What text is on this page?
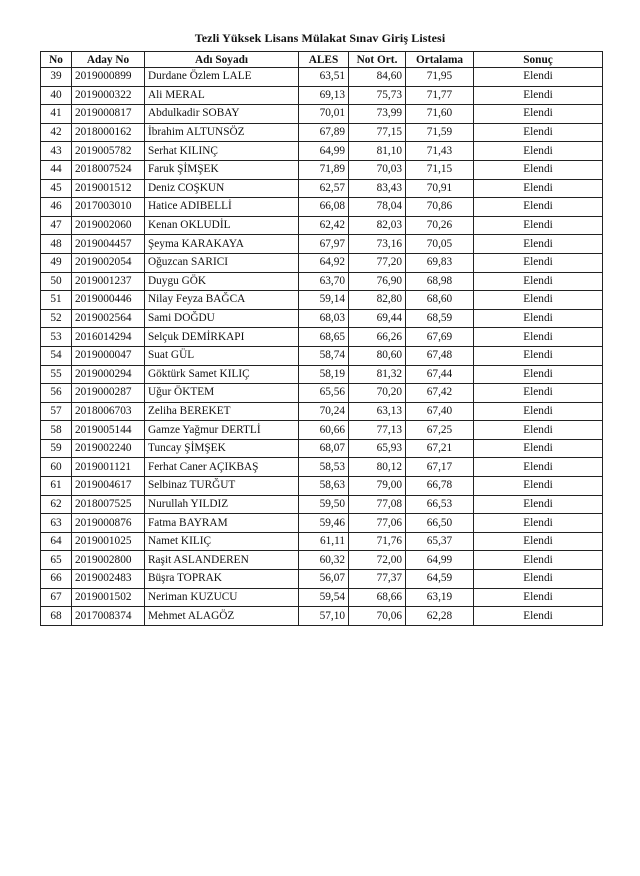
Tezli Yüksek Lisans Mülakat Sınav Giriş Listesi
No	Aday No	Adı Soyadı	ALES	Not Ort.	Ortalama	Sonuç
39	2019000899	Durdane Özlem LALE	63,51	84,60	71,95	Elendi
40	2019000322	Ali MERAL	69,13	75,73	71,77	Elendi
41	2019000817	Abdulkadir SOBAY	70,01	73,99	71,60	Elendi
42	2018000162	İbrahim ALTUNSÖZ	67,89	77,15	71,59	Elendi
43	2019005782	Serhat KILINÇ	64,99	81,10	71,43	Elendi
44	2018007524	Faruk ŞİMŞEK	71,89	70,03	71,15	Elendi
45	2019001512	Deniz COŞKUN	62,57	83,43	70,91	Elendi
46	2017003010	Hatice ADIBELLİ	66,08	78,04	70,86	Elendi
47	2019002060	Kenan OKLUDİL	62,42	82,03	70,26	Elendi
48	2019004457	Şeyma KARAKAYA	67,97	73,16	70,05	Elendi
49	2019002054	Oğuzcan SARICI	64,92	77,20	69,83	Elendi
50	2019001237	Duygu GÖK	63,70	76,90	68,98	Elendi
51	2019000446	Nilay Feyza BAĞCA	59,14	82,80	68,60	Elendi
52	2019002564	Sami DOĞDU	68,03	69,44	68,59	Elendi
53	2016014294	Selçuk DEMİRKAPI	68,65	66,26	67,69	Elendi
54	2019000047	Suat GÜL	58,74	80,60	67,48	Elendi
55	2019000294	Göktürk Samet KILIÇ	58,19	81,32	67,44	Elendi
56	2019000287	Uğur ÖKTEM	65,56	70,20	67,42	Elendi
57	2018006703	Zeliha BEREKET	70,24	63,13	67,40	Elendi
58	2019005144	Gamze Yağmur DERTLİ	60,66	77,13	67,25	Elendi
59	2019002240	Tuncay ŞİMŞEK	68,07	65,93	67,21	Elendi
60	2019001121	Ferhat Caner AÇIKBAŞ	58,53	80,12	67,17	Elendi
61	2019004617	Selbinaz TURĞUT	58,63	79,00	66,78	Elendi
62	2018007525	Nurullah YILDIZ	59,50	77,08	66,53	Elendi
63	2019000876	Fatma BAYRAM	59,46	77,06	66,50	Elendi
64	2019001025	Namet KILIÇ	61,11	71,76	65,37	Elendi
65	2019002800	Raşit ASLANDEREN	60,32	72,00	64,99	Elendi
66	2019002483	Büşra TOPRAK	56,07	77,37	64,59	Elendi
67	2019001502	Neriman KUZUCU	59,54	68,66	63,19	Elendi
68	2017008374	Mehmet ALAGÖZ	57,10	70,06	62,28	Elendi
